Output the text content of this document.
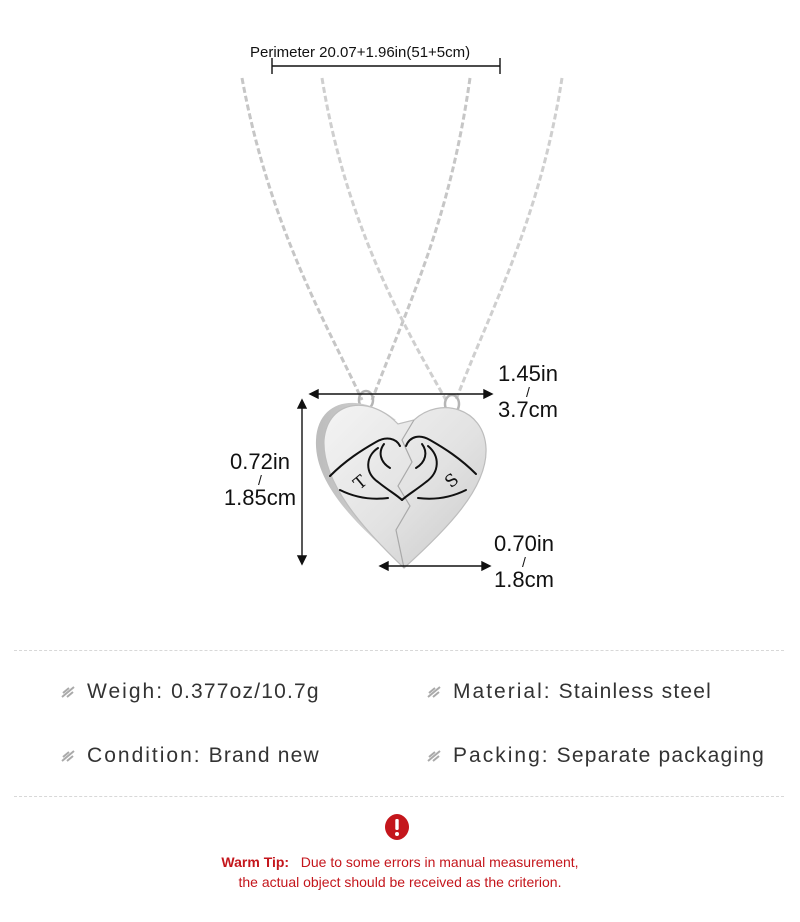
T	S
Perimeter 20.07+1.96in(51+5cm)
1.45in
/
3.7cm
0.72in
/
1.85cm
0.70in
/
1.8cm
Weigh: 0.377oz/10.7g	Material: Stainless steel
Condition: Brand new	Packing: Separate packaging
Warm Tip: Due to some errors in manual measurement,
the actual object should be received as the criterion.
